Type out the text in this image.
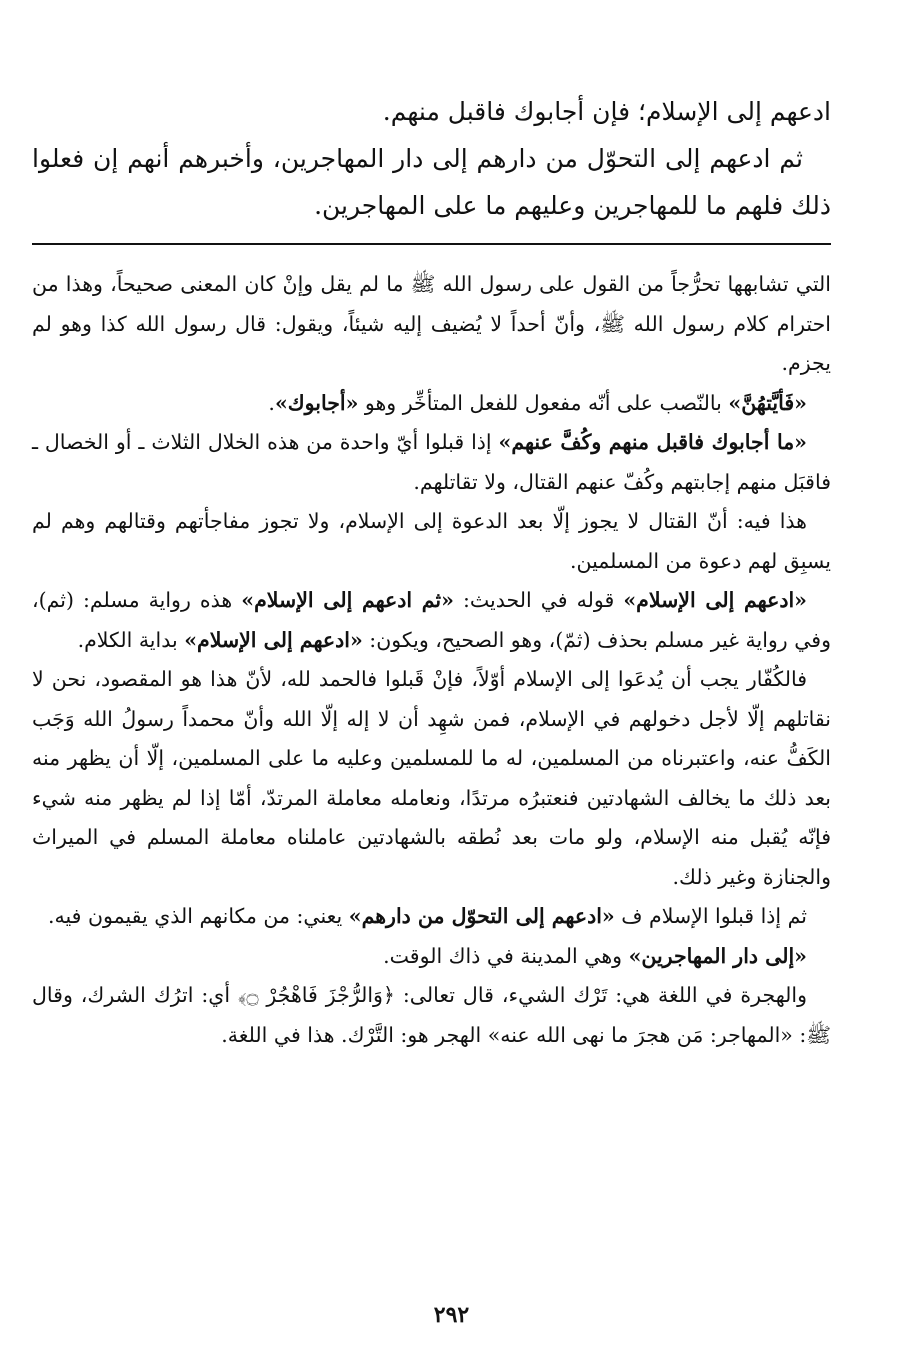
ادعهم إلى الإسلام؛ فإن أجابوك فاقبل منهم.

ثم ادعهم إلى التحوّل من دارهم إلى دار المهاجرين، وأخبرهم أنهم إن فعلوا ذلك فلهم ما للمهاجرين وعليهم ما على المهاجرين.

التي تشابهها تحرُّجاً من القول على رسول الله ﷺ ما لم يقل وإنْ كان المعنى صحيحاً، وهذا من احترام كلام رسول الله ﷺ، وأنّ أحداً لا يُضيف إليه شيئاً، ويقول: قال رسول الله كذا وهو لم يجزم.

«فَأيَّتهُنَّ» بالنّصب على أنّه مفعول للفعل المتأخِّر وهو «أجابوك».

«ما أجابوك فاقبل منهم وكُفَّ عنهم» إذا قبلوا أيّ واحدة من هذه الخلال الثلاث ـ أو الخصال ـ فاقبَل منهم إجابتهم وكُفّ عنهم القتال، ولا تقاتلهم.

هذا فيه: أنّ القتال لا يجوز إلّا بعد الدعوة إلى الإسلام، ولا تجوز مفاجأتهم وقتالهم وهم لم يسبِق لهم دعوة من المسلمين.

«ادعهم إلى الإسلام» قوله في الحديث: «ثم ادعهم إلى الإسلام» هذه رواية مسلم: (ثم)، وفي رواية غير مسلم بحذف (ثمّ)، وهو الصحيح، ويكون: «ادعهم إلى الإسلام» بداية الكلام.

فالكُفّار يجب أن يُدعَوا إلى الإسلام أوّلاً، فإنْ قَبلوا فالحمد لله، لأنّ هذا هو المقصود، نحن لا نقاتلهم إلّا لأجل دخولهم في الإسلام، فمن شهِد أن لا إله إلّا الله وأنّ محمداً رسولُ الله وَجَب الكَفُّ عنه، واعتبرناه من المسلمين، له ما للمسلمين وعليه ما على المسلمين، إلّا أن يظهر منه بعد ذلك ما يخالف الشهادتين فنعتبرُه مرتدًا، ونعامله معاملة المرتدّ، أمّا إذا لم يظهر منه شيء فإنّه يُقبل منه الإسلام، ولو مات بعد نُطقه بالشهادتين عاملناه معاملة المسلم في الميراث والجنازة وغير ذلك.

ثم إذا قبلوا الإسلام ف «ادعهم إلى التحوّل من دارهم» يعني: من مكانهم الذي يقيمون فيه.

«إلى دار المهاجرين» وهي المدينة في ذاك الوقت.

والهجرة في اللغة هي: تَرْك الشيء، قال تعالى: ﴿وَالرُّجْزَ فَاهْجُرْ ۝﴾ أي: اترُك الشرك، وقال ﷺ: «المهاجر: مَن هجرَ ما نهى الله عنه» الهجر هو: التَّرْك. هذا في اللغة.

٢٩٢
